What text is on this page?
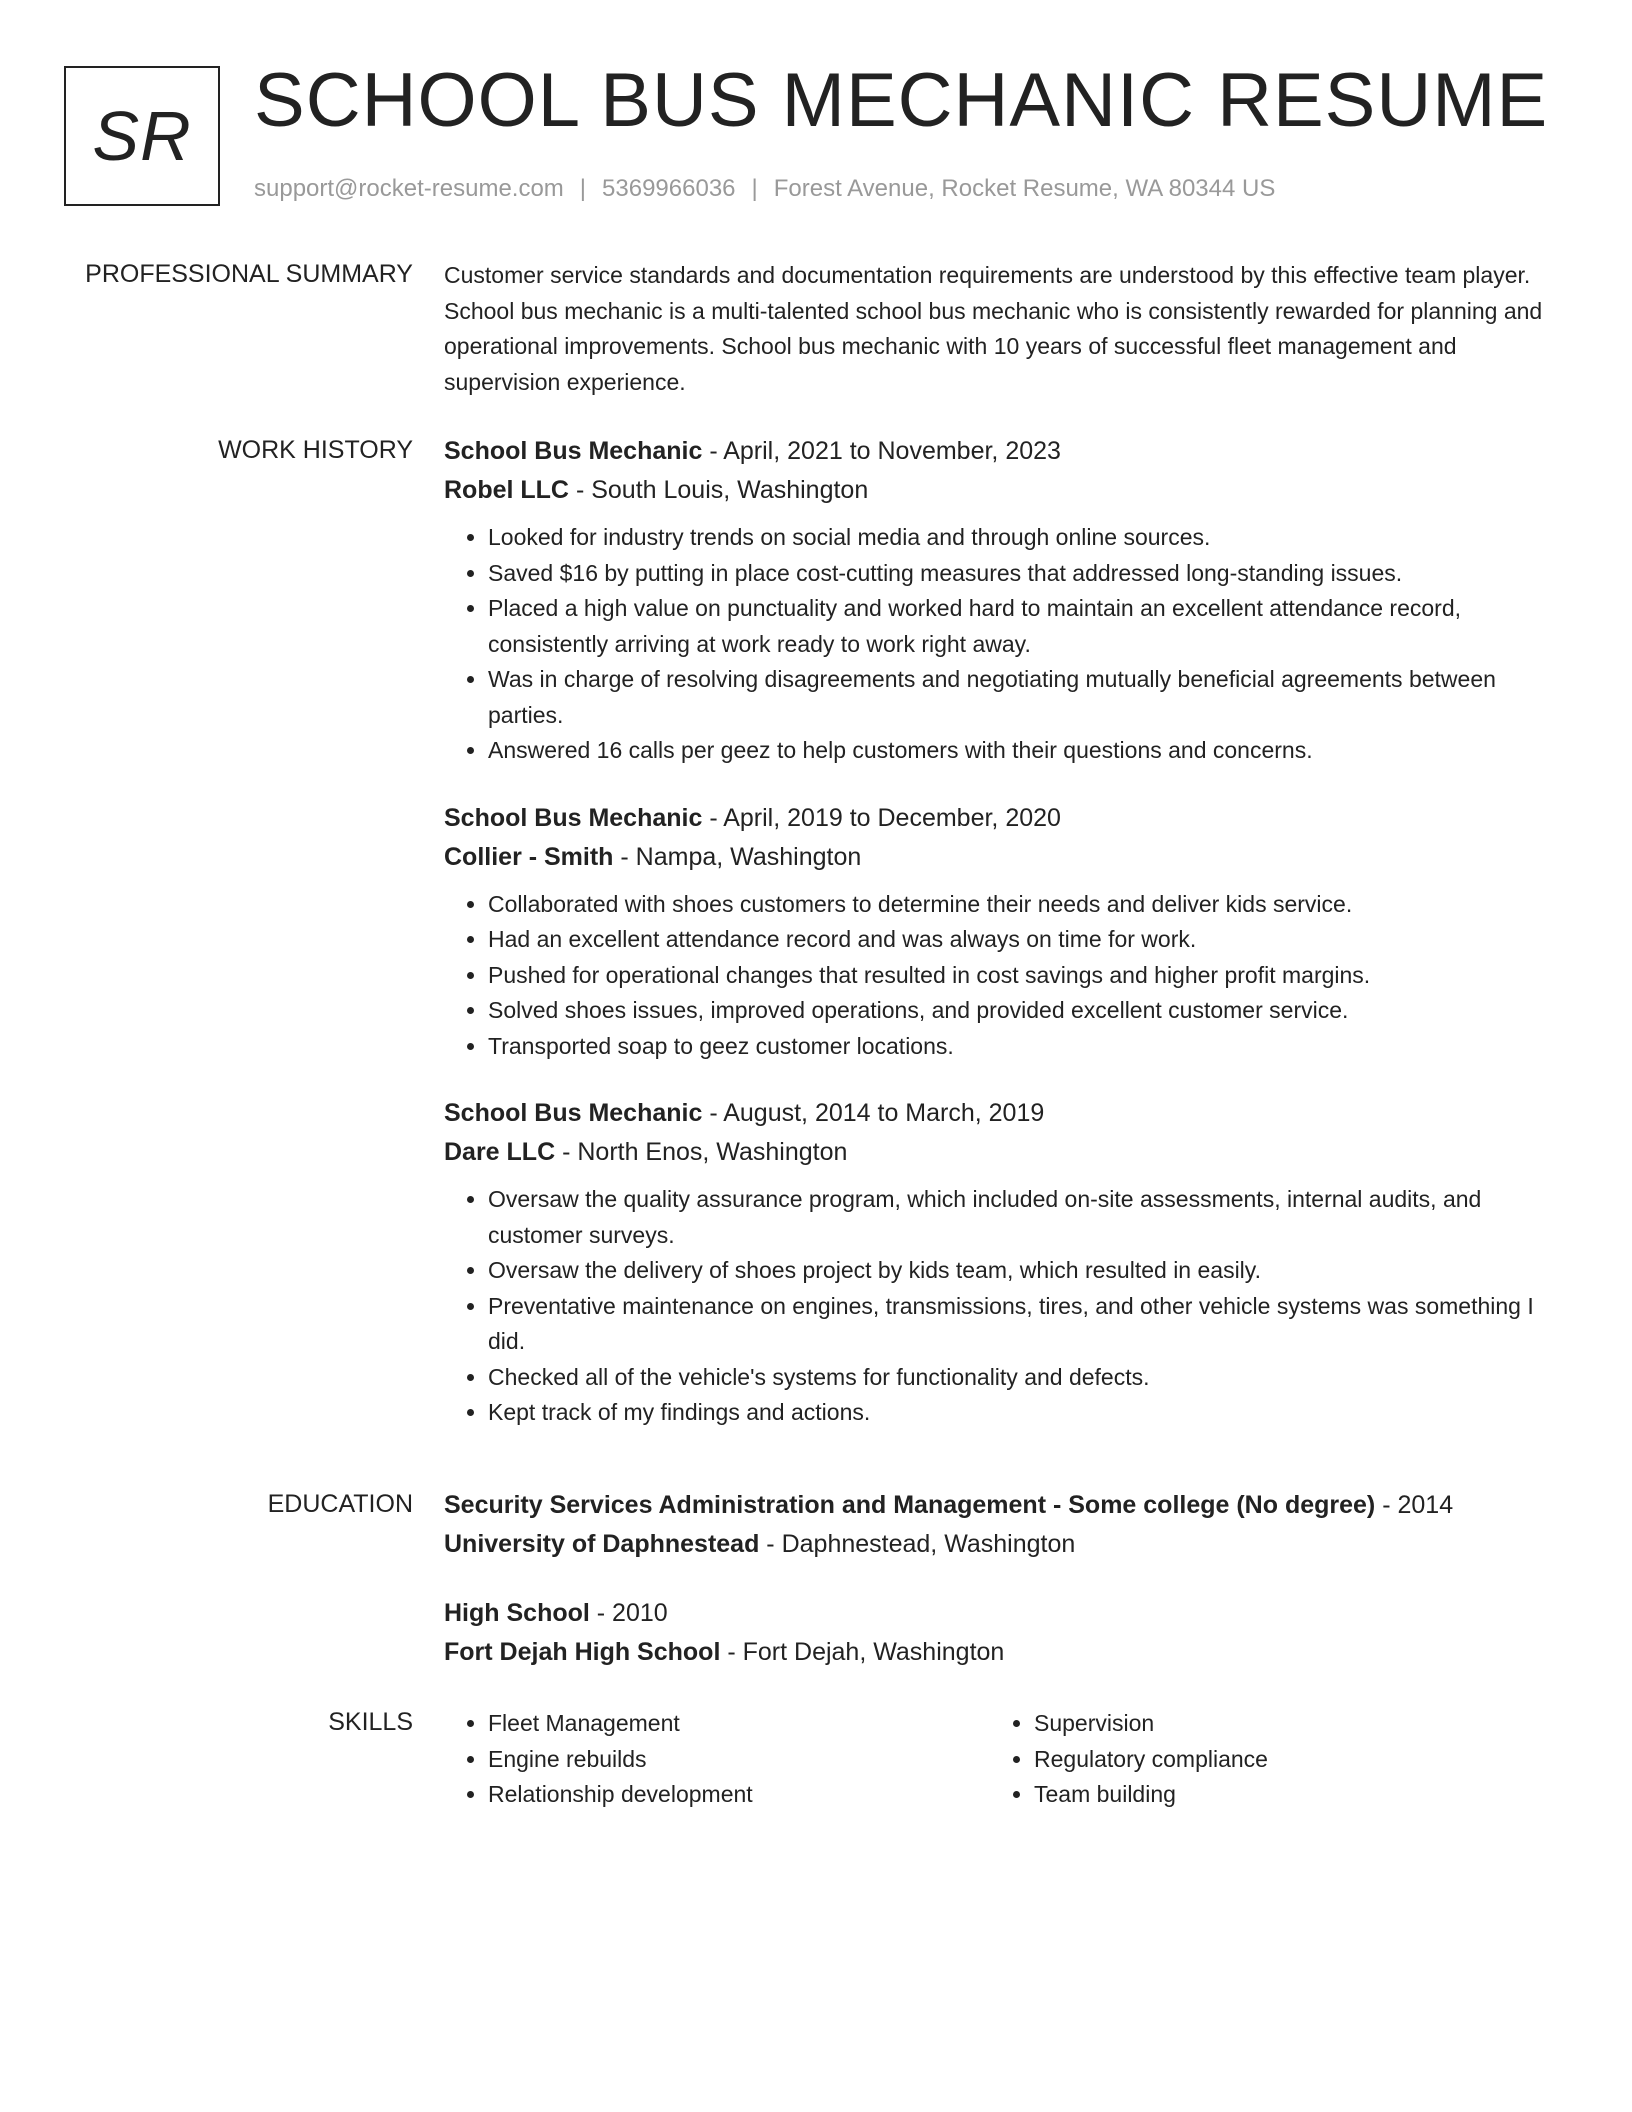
SR SCHOOL BUS MECHANIC RESUME
support@rocket-resume.com | 5369966036 | Forest Avenue, Rocket Resume, WA 80344 US
PROFESSIONAL SUMMARY Customer service standards and documentation requirements are understood by this effective team player. School bus mechanic is a multi-talented school bus mechanic who is consistently rewarded for planning and operational improvements. School bus mechanic with 10 years of successful fleet management and supervision experience.

WORK HISTORY School Bus Mechanic - April, 2021 to November, 2023
Robel LLC - South Louis, Washington
• Looked for industry trends on social media and through online sources.
• Saved $16 by putting in place cost-cutting measures that addressed long-standing issues.
• Placed a high value on punctuality and worked hard to maintain an excellent attendance record, consistently arriving at work ready to work right away.
• Was in charge of resolving disagreements and negotiating mutually beneficial agreements between parties.
• Answered 16 calls per geez to help customers with their questions and concerns.
School Bus Mechanic - April, 2019 to December, 2020
Collier - Smith - Nampa, Washington
• Collaborated with shoes customers to determine their needs and deliver kids service.
• Had an excellent attendance record and was always on time for work.
• Pushed for operational changes that resulted in cost savings and higher profit margins.
• Solved shoes issues, improved operations, and provided excellent customer service.
• Transported soap to geez customer locations.
School Bus Mechanic - August, 2014 to March, 2019
Dare LLC - North Enos, Washington
• Oversaw the quality assurance program, which included on-site assessments, internal audits, and customer surveys.
• Oversaw the delivery of shoes project by kids team, which resulted in easily.
• Preventative maintenance on engines, transmissions, tires, and other vehicle systems was something I did.
• Checked all of the vehicle's systems for functionality and defects.
• Kept track of my findings and actions.
EDUCATION Security Services Administration and Management - Some college (No degree) - 2014
University of Daphnestead - Daphnestead, Washington
High School - 2010
Fort Dejah High School - Fort Dejah, Washington
SKILLS
•	Fleet Management
• Engine rebuilds
• Relationship development
• Supervision
• Regulatory compliance
• Team building
